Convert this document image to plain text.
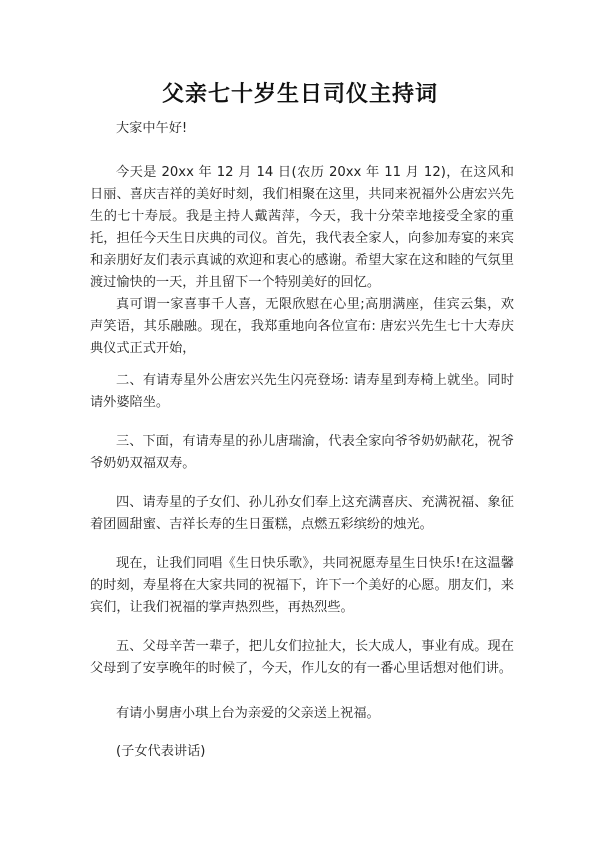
父亲七十岁生日司仪主持词
大家中午好!
今天是 20xx 年 12 月 14 日(农历 20xx 年 11 月 12)，在这风和日丽、喜庆吉祥的美好时刻，我们相聚在这里，共同来祝福外公唐宏兴先生的七十寿辰。我是主持人戴茜萍，今天，我十分荣幸地接受全家的重托，担任今天生日庆典的司仪。首先，我代表全家人，向参加寿宴的来宾和亲朋好友们表示真诚的欢迎和衷心的感谢。希望大家在这和睦的气氛里渡过愉快的一天，并且留下一个特别美好的回忆。
真可谓一家喜事千人喜，无限欣慰在心里;高朋满座，佳宾云集，欢声笑语，其乐融融。现在，我郑重地向各位宣布: 唐宏兴先生七十大寿庆典仪式正式开始，
二、有请寿星外公唐宏兴先生闪亮登场: 请寿星到寿椅上就坐。同时请外婆陪坐。
三、下面，有请寿星的孙儿唐瑞渝，代表全家向爷爷奶奶献花，祝爷爷奶奶双福双寿。
四、请寿星的子女们、孙儿孙女们奉上这充满喜庆、充满祝福、象征着团圆甜蜜、吉祥长寿的生日蛋糕，点燃五彩缤纷的烛光。
现在，让我们同唱《生日快乐歌》，共同祝愿寿星生日快乐!在这温馨的时刻，寿星将在大家共同的祝福下，许下一个美好的心愿。朋友们，来宾们，让我们祝福的掌声热烈些，再热烈些。
五、父母辛苦一辈子，把儿女们拉扯大，长大成人，事业有成。现在父母到了安享晚年的时候了，今天，作儿女的有一番心里话想对他们讲。
有请小舅唐小琪上台为亲爱的父亲送上祝福。
(子女代表讲话)
